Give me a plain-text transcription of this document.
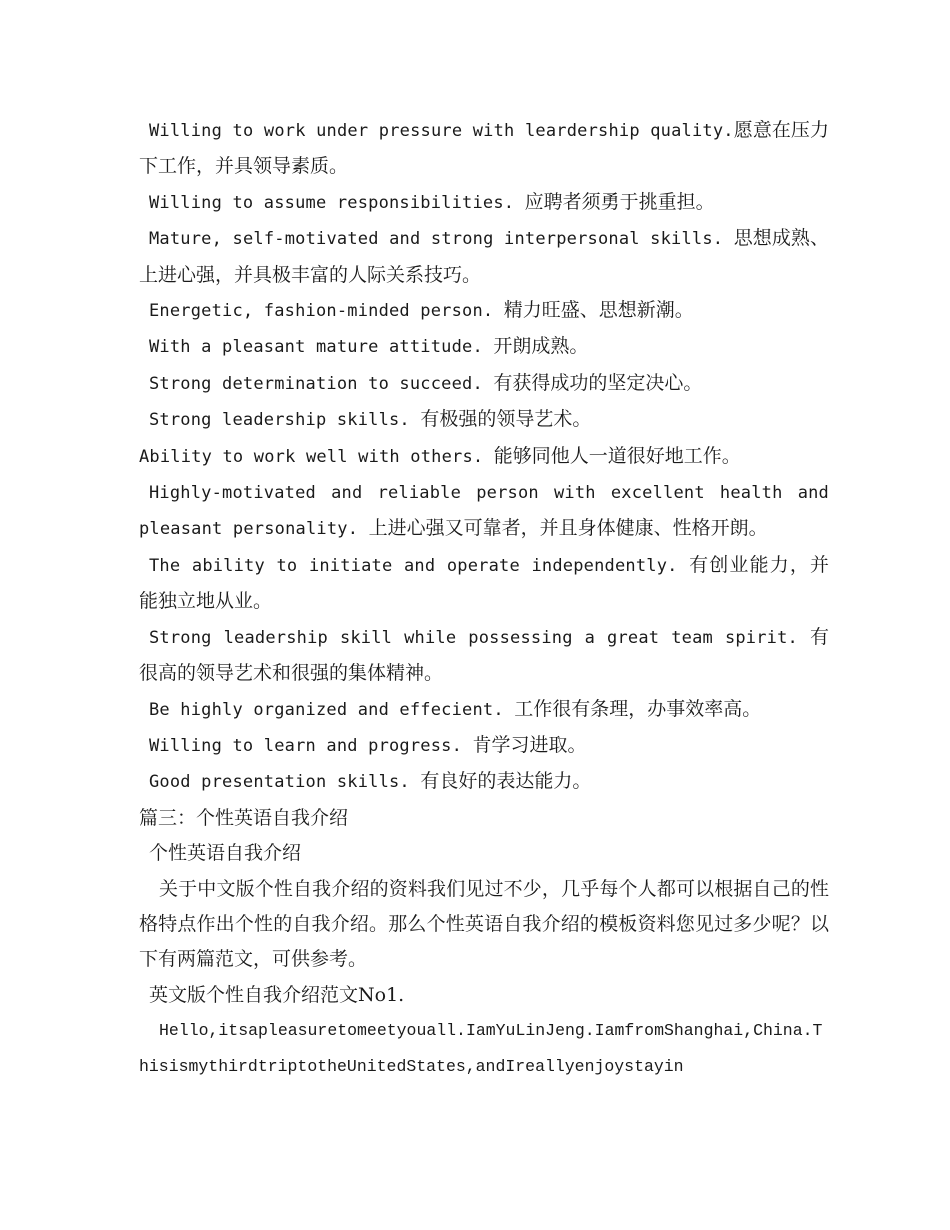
Willing to work under pressure with leardership quality.愿意在压力下工作，并具领导素质。

Willing to assume responsibilities. 应聘者须勇于挑重担。

Mature, self-motivated and strong interpersonal skills. 思想成熟、上进心强，并具极丰富的人际关系技巧。

Energetic, fashion-minded person. 精力旺盛、思想新潮。

With a pleasant mature attitude. 开朗成熟。

Strong determination to succeed. 有获得成功的坚定决心。

Strong leadership skills. 有极强的领导艺术。

Ability to work well with others. 能够同他人一道很好地工作。

Highly-motivated and reliable person with excellent health and pleasant personality. 上进心强又可靠者，并且身体健康、性格开朗。

The ability to initiate and operate independently. 有创业能力，并能独立地从业。

Strong leadership skill while possessing a great team spirit. 有很高的领导艺术和很强的集体精神。

Be highly organized and effecient. 工作很有条理，办事效率高。

Willing to learn and progress. 肯学习进取。

Good presentation skills. 有良好的表达能力。

篇三：个性英语自我介绍

个性英语自我介绍

关于中文版个性自我介绍的资料我们见过不少，几乎每个人都可以根据自己的性格特点作出个性的自我介绍。那么个性英语自我介绍的模板资料您见过多少呢？以下有两篇范文，可供参考。

英文版个性自我介绍范文No1.

Hello,itsapleasuretomeetyouall.IamYuLinJeng.IamfromShanghai,China.ThisismythirdtriptotheUnitedStates,andIreallyenjoystayin
